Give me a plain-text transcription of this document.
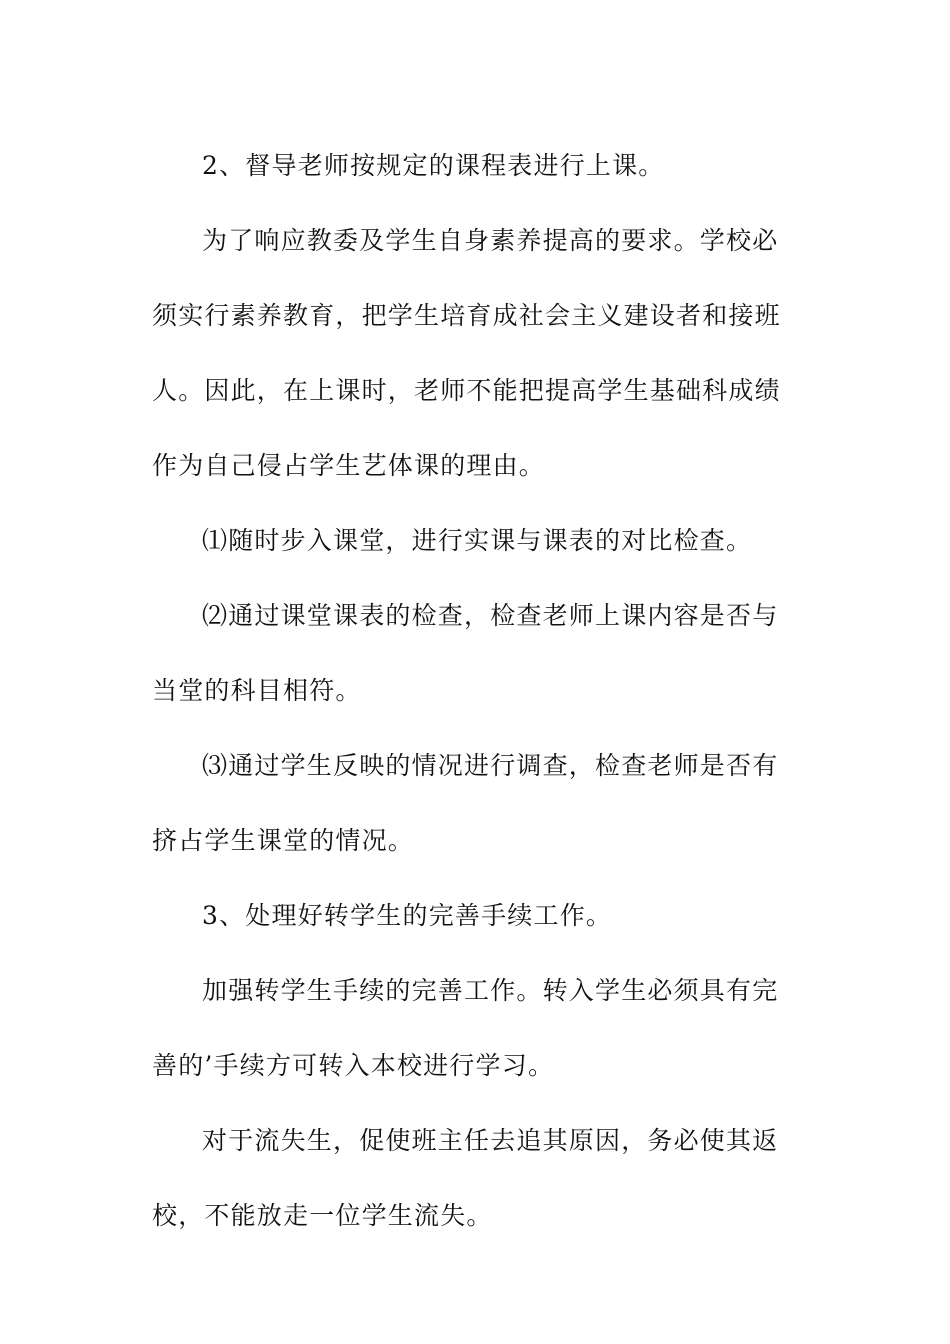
2、督导老师按规定的课程表进行上课。

为了响应教委及学生自身素养提高的要求。学校必须实行素养教育，把学生培育成社会主义建设者和接班人。因此，在上课时，老师不能把提高学生基础科成绩作为自己侵占学生艺体课的理由。

⑴随时步入课堂，进行实课与课表的对比检查。

⑵通过课堂课表的检查，检查老师上课内容是否与当堂的科目相符。

⑶通过学生反映的情况进行调查，检查老师是否有挤占学生课堂的情况。

3、处理好转学生的完善手续工作。

加强转学生手续的完善工作。转入学生必须具有完善的’手续方可转入本校进行学习。

对于流失生，促使班主任去追其原因，务必使其返校，不能放走一位学生流失。
